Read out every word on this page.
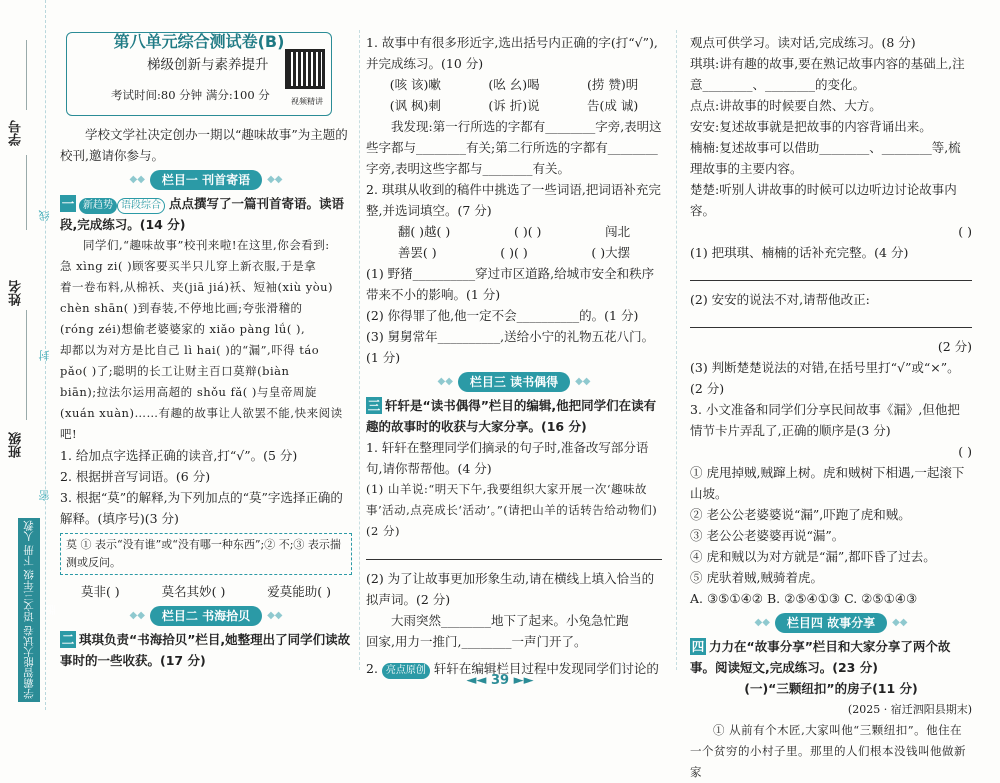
学号
线
姓名
封
班级
密
学霸智能大试卷 语文三年级 下册 人教版
第八单元综合测试卷(B)
梯级创新与素养提升
考试时间:80 分钟 满分:100 分	视频精讲
学校文学社决定创办一期以“趣味故事”为主题的校刊,邀请你参与。
◆◆	栏目一 刊首寄语	◆◆
一 新趋势 语段综合 点点撰写了一篇刊首寄语。读语段,完成练习。(14 分)
同学们,“趣味故事”校刊来啦!在这里,你会看到:
急 xìng zi( )顾客要买半只儿穿上新衣服,于是拿
着一卷布料,从棉袄、夹(jiā jiá)袄、短袖(xiù yòu)
chèn shān( )到春装,不停地比画;夸张滑稽的
(róng zéi)想偷老婆婆家的 xiǎo pàng lǘ( ),
却都以为对方是比自己 lì hai( )的“漏”,吓得 táo
pǎo( )了;聪明的长工让财主百口莫辩(biàn
biān);拉法尔运用高超的 shǒu fǎ( )与皇帝周旋
(xuán xuàn)……有趣的故事让人欲罢不能,快来阅读吧!
1. 给加点字选择正确的读音,打“√”。(5 分)
2. 根据拼音写词语。(6 分)
3. 根据“莫”的解释,为下列加点的“莫”字选择正确的解释。(填序号)(3 分)
莫 ① 表示“没有谁”或“没有哪一种东西”;② 不;③ 表示揣测或反问。
莫非( )	莫名其妙( )	爱莫能助( )
◆◆	栏目二 书海拾贝	◆◆
二 琪琪负责“书海拾贝”栏目,她整理出了同学们读故事时的一些收获。(17 分)
1. 故事中有很多形近字,选出括号内正确的字(打“√”),并完成练习。(10 分)
(咳 该)嗽	(吆 幺)喝	(捞 赞)明
(讽 枫)刺	(诉 折)说	告(成 诚)
我发现:第一行所选的字都有________字旁,表明这些字都与________有关;第二行所选的字都有________字旁,表明这些字都与________有关。
2. 琪琪从收到的稿件中挑选了一些词语,把词语补充完整,并选词填空。(7 分)
翻( )越( )	( )( )	闯北
善罢( )	( )( )	( )大摆
(1) 野猪__________穿过市区道路,给城市安全和秩序带来不小的影响。(1 分)
(2) 你得罪了他,他一定不会__________的。(1 分)
(3) 舅舅常年__________,送给小宁的礼物五花八门。(1 分)
◆◆	栏目三 读书偶得	◆◆
三 轩轩是“读书偶得”栏目的编辑,他把同学们在读有趣的故事时的收获与大家分享。(16 分)
1. 轩轩在整理同学们摘录的句子时,准备改写部分语句,请你帮帮他。(4 分)
(1) 山羊说:“明天下午,我要组织大家开展一次‘趣味故事’活动,点亮成长‘活动’。”(请把山羊的话转告给动物们)(2 分)
(2) 为了让故事更加形象生动,请在横线上填入恰当的拟声词。(2 分)
大雨突然________地下了起来。小兔急忙跑
回家,用力一推门,________一声门开了。
2. 亮点原创 轩轩在编辑栏目过程中发现同学们讨论的
观点可供学习。读对话,完成练习。(8 分)
琪琪:讲有趣的故事,要在熟记故事内容的基础上,注意________、________的变化。
点点:讲故事的时候要自然、大方。
安安:复述故事就是把故事的内容背诵出来。
楠楠:复述故事可以借助________、________等,梳理故事的主要内容。
楚楚:听别人讲故事的时候可以边听边讨论故事内容。
( )
(1) 把琪琪、楠楠的话补充完整。(4 分)
(2) 安安的说法不对,请帮他改正:
(2 分)
(3) 判断楚楚说法的对错,在括号里打“√”或“×”。(2 分)
3. 小文准备和同学们分享民间故事《漏》,但他把情节卡片弄乱了,正确的顺序是(3 分)
( )
① 虎甩掉贼,贼蹿上树。虎和贼树下相遇,一起滚下山坡。
② 老公公老婆婆说“漏”,吓跑了虎和贼。
③ 老公公老婆婆再说“漏”。
④ 虎和贼以为对方就是“漏”,都吓昏了过去。
⑤ 虎驮着贼,贼骑着虎。
A. ③⑤①④② B. ②⑤④①③ C. ②⑤①④③
◆◆	栏目四 故事分享	◆◆
四 力力在“故事分享”栏目和大家分享了两个故事。阅读短文,完成练习。(23 分)
(一)“三颗纽扣”的房子(11 分)
(2025 · 宿迁泗阳县期末)
① 从前有个木匠,大家叫他“三颗纽扣”。他住在一个贫穷的小村子里。那里的人们根本没钱叫他做新家
◄◄ 39 ►►
